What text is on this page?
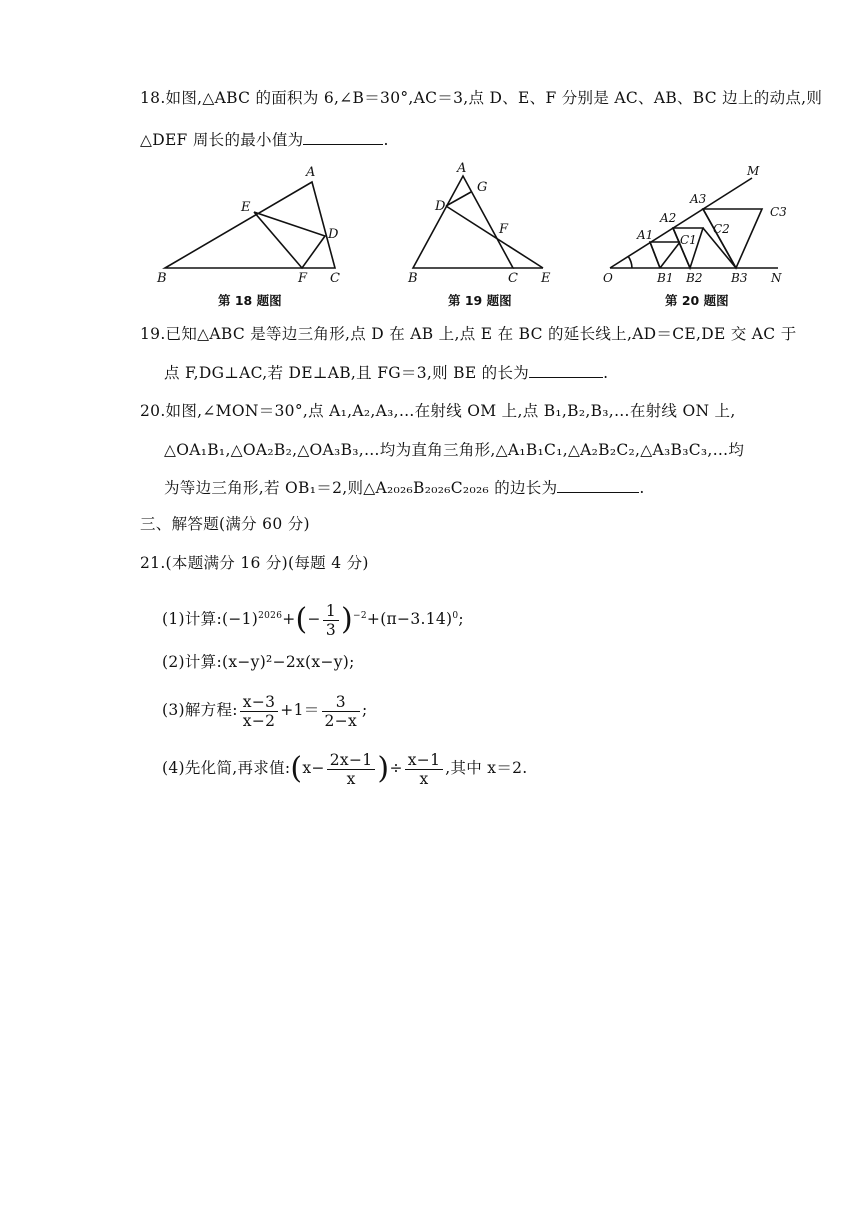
18.如图,△ABC 的面积为 6,∠B＝30°,AC＝3,点 D、E、F 分别是 AC、AB、BC 边上的动点,则
△DEF 周长的最小值为	.
A
E
D
B	F C
A
G
D
F
B	C E
M
A3
A2
A1 C1
C2
C3
O	B1 B2 B3 N
第 18 题图	第 19 题图	第 20 题图
19.已知△ABC 是等边三角形,点 D 在 AB 上,点 E 在 BC 的延长线上,AD＝CE,DE 交 AC 于
点 F,DG⊥AC,若 DE⊥AB,且 FG＝3,则 BE 的长为	.
20.如图,∠MON＝30°,点 A₁,A₂,A₃,…在射线 OM 上,点 B₁,B₂,B₃,…在射线 ON 上,
△OA₁B₁,△OA₂B₂,△OA₃B₃,…均为直角三角形,△A₁B₁C₁,△A₂B₂C₂,△A₃B₃C₃,…均
为等边三角形,若 OB₁＝2,则△A₂₀₂₆B₂₀₂₆C₂₀₂₆ 的边长为	.
三、解答题(满分 60 分)
21.(本题满分 16 分)(每题 4 分)
(1)计算$:(-1)^{2026}+(- \frac{1}{3} )^{-2}+(\pi-3.14)^0$;
(2)计算:(x−y)²−2x(x−y);
(3)解方程: $\frac{x-3}{x-2} +1= \frac{3}{2-x}$ ;
(4)先化简,再求值:(x− $\frac{2x-1}{x}$ )÷ $\frac{x-1}{x}$ ,其中 x＝2.
